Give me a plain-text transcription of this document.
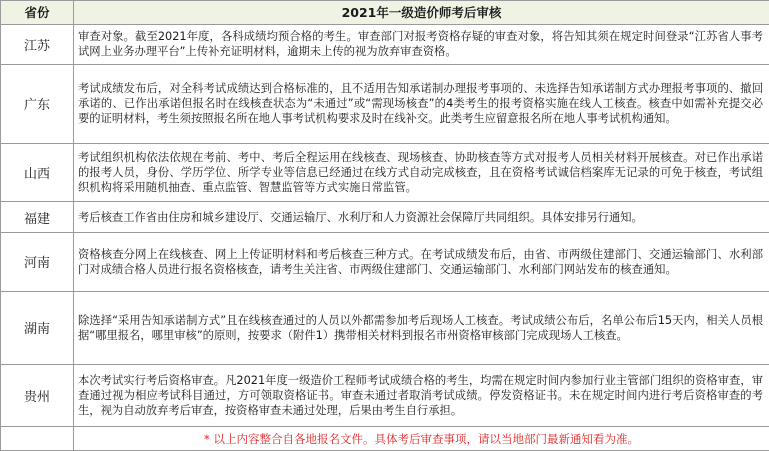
省份	2021年一级造价师考后审核
江苏	审查对象。截至2021年度，各科成绩均预合格的考生。审查部门对报考资格存疑的审查对象，将告知其须在规定时间登录“江苏省人事考试网上业务办理平台”上传补充证明材料，逾期未上传的视为放弃审查资格。
广东	考试成绩发布后，对全科考试成绩达到合格标准的，且不适用告知承诺制办理报考事项的、未选择告知承诺制方式办理报考事项的、撤回承诺的、已作出承诺但报名时在线核查状态为“未通过”或“需现场核查”的4类考生的报考资格实施在线人工核查。核查中如需补充提交必要的证明材料，考生须按照报名所在地人事考试机构要求及时在线补交。此类考生应留意报名所在地人事考试机构通知。
山西	考试组织机构依法依规在考前、考中、考后全程运用在线核查、现场核查、协助核查等方式对报考人员相关材料开展核查。对已作出承诺的报考人员，身份、学历学位、所学专业等信息已经通过在线方式自动完成核查，且在资格考试诚信档案库无记录的可免于核查，考试组织机构将采用随机抽查、重点监管、智慧监管等方式实施日常监管。
福建	考后核查工作省由住房和城乡建设厅、交通运输厅、水利厅和人力资源社会保障厅共同组织。具体安排另行通知。
河南	资格核查分网上在线核查、网上上传证明材料和考后核查三种方式。在考试成绩发布后，由省、市两级住建部门、交通运输部门、水利部门对成绩合格人员进行报名资格核查，请考生关注省、市两级住建部门、交通运输部门、水利部门网站发布的核查通知。
湖南	除选择“采用告知承诺制方式”且在线核查通过的人员以外都需参加考后现场人工核查。考试成绩公布后，名单公布后15天内，相关人员根据“哪里报名，哪里审核”的原则，按要求（附件1）携带相关材料到报名市州资格审核部门完成现场人工核查。
贵州	本次考试实行考后资格审查。凡2021年度一级造价工程师考试成绩合格的考生，均需在规定时间内参加行业主管部门组织的资格审查，审查通过视为相应考试科目通过，方可领取资格证书。审查未通过者取消考试成绩。停发资格证书。未在规定时间内进行考后资格审查的考生，视为自动放弃考后审查，按资格审查未通过处理，后果由考生自行承担。
	* 以上内容整合自各地报名文件。具体考后审查事项，请以当地部门最新通知看为准。
